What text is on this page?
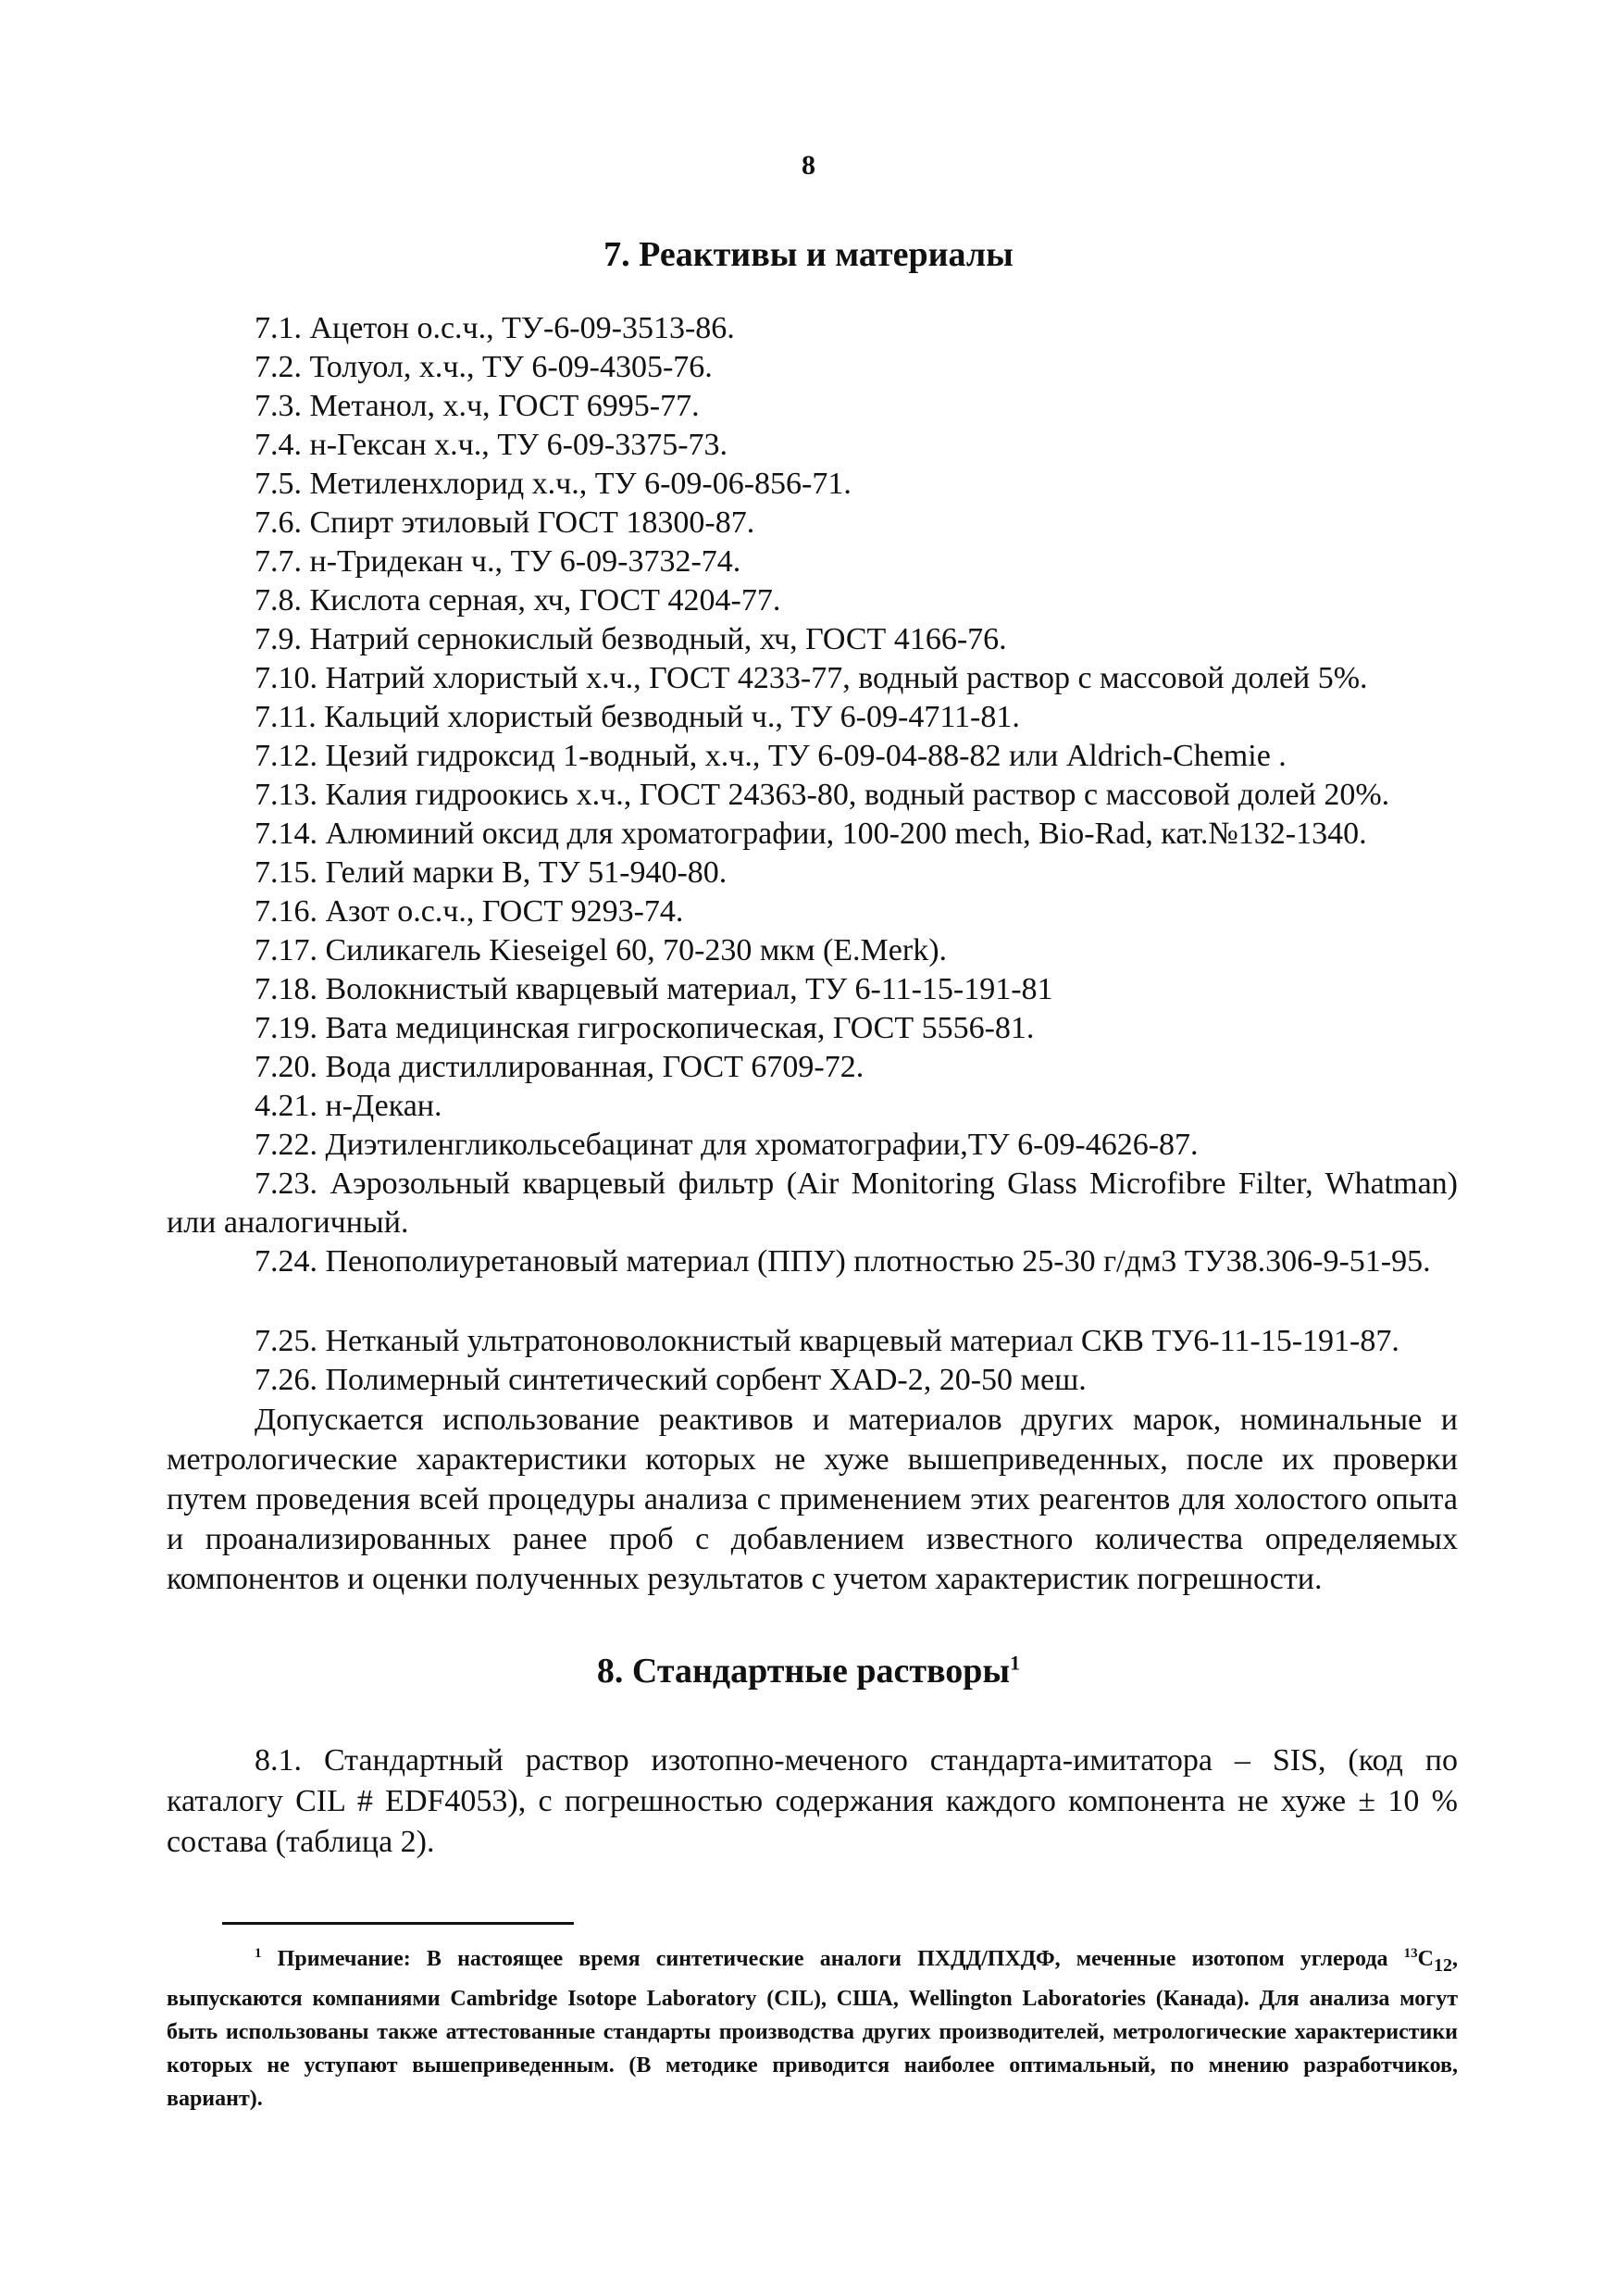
8
7. Реактивы и материалы
7.1. Ацетон о.с.ч., ТУ-6-09-3513-86.
7.2. Толуол, х.ч., ТУ 6-09-4305-76.
7.3. Метанол, х.ч, ГОСТ 6995-77.
7.4. н-Гексан х.ч., ТУ 6-09-3375-73.
7.5. Метиленхлорид х.ч., ТУ 6-09-06-856-71.
7.6. Спирт этиловый ГОСТ 18300-87.
7.7. н-Тридекан ч., ТУ 6-09-3732-74.
7.8. Кислота серная, хч, ГОСТ 4204-77.
7.9. Натрий сернокислый безводный, хч, ГОСТ 4166-76.
7.10. Натрий хлористый х.ч., ГОСТ 4233-77, водный раствор с массовой долей 5%.
7.11. Кальций хлористый безводный ч., ТУ 6-09-4711-81.
7.12. Цезий гидроксид 1-водный, х.ч., ТУ 6-09-04-88-82 или Aldrich-Chemie .
7.13. Калия гидроокись х.ч., ГОСТ 24363-80, водный раствор с массовой долей 20%.
7.14. Алюминий оксид для хроматографии, 100-200 mech, Bio-Rad, кат.№132-1340.
7.15. Гелий марки В, ТУ 51-940-80.
7.16. Азот о.с.ч., ГОСТ 9293-74.
7.17. Силикагель Kieseigel 60, 70-230 мкм (E.Merk).
7.18. Волокнистый кварцевый материал, ТУ 6-11-15-191-81
7.19. Вата медицинская гигроскопическая, ГОСТ 5556-81.
7.20. Вода дистиллированная, ГОСТ 6709-72.
4.21. н-Декан.
7.22. Диэтиленгликольсебацинат для хроматографии,ТУ 6-09-4626-87.
7.23. Аэрозольный кварцевый фильтр (Air Monitoring Glass Microfibre Filter, Whatman) или аналогичный.
7.24. Пенополиуретановый материал (ППУ) плотностью 25-30 г/дм3 ТУ38.306-9-51-95.
7.25. Нетканый ультратоноволокнистый кварцевый материал СКВ ТУ6-11-15-191-87.
7.26. Полимерный синтетический сорбент XAD-2, 20-50 меш.
Допускается использование реактивов и материалов других марок, номинальные и метрологические характеристики которых не хуже вышеприведенных, после их проверки путем проведения всей процедуры анализа с применением этих реагентов для холостого опыта и проанализированных ранее проб с добавлением известного количества определяемых компонентов и оценки полученных результатов с учетом характеристик погрешности.
8. Стандартные растворы$^1$
8.1. Стандартный раствор изотопно-меченого стандарта-имитатора – SIS, (код по каталогу CIL # EDF4053), с погрешностью содержания каждого компонента не хуже ± 10 % состава (таблица 2).
$^1$ Примечание: В настоящее время синтетические аналоги ПХДД/ПХДФ, меченные изотопом углерода $^{13}C_{12}$, выпускаются компаниями Cambridge Isotope Laboratory (CIL), США, Wellington Laboratories (Канада). Для анализа могут быть использованы также аттестованные стандарты производства других производителей, метрологические характеристики которых не уступают вышеприведенным. (В методике приводится наиболее оптимальный, по мнению разработчиков, вариант).
